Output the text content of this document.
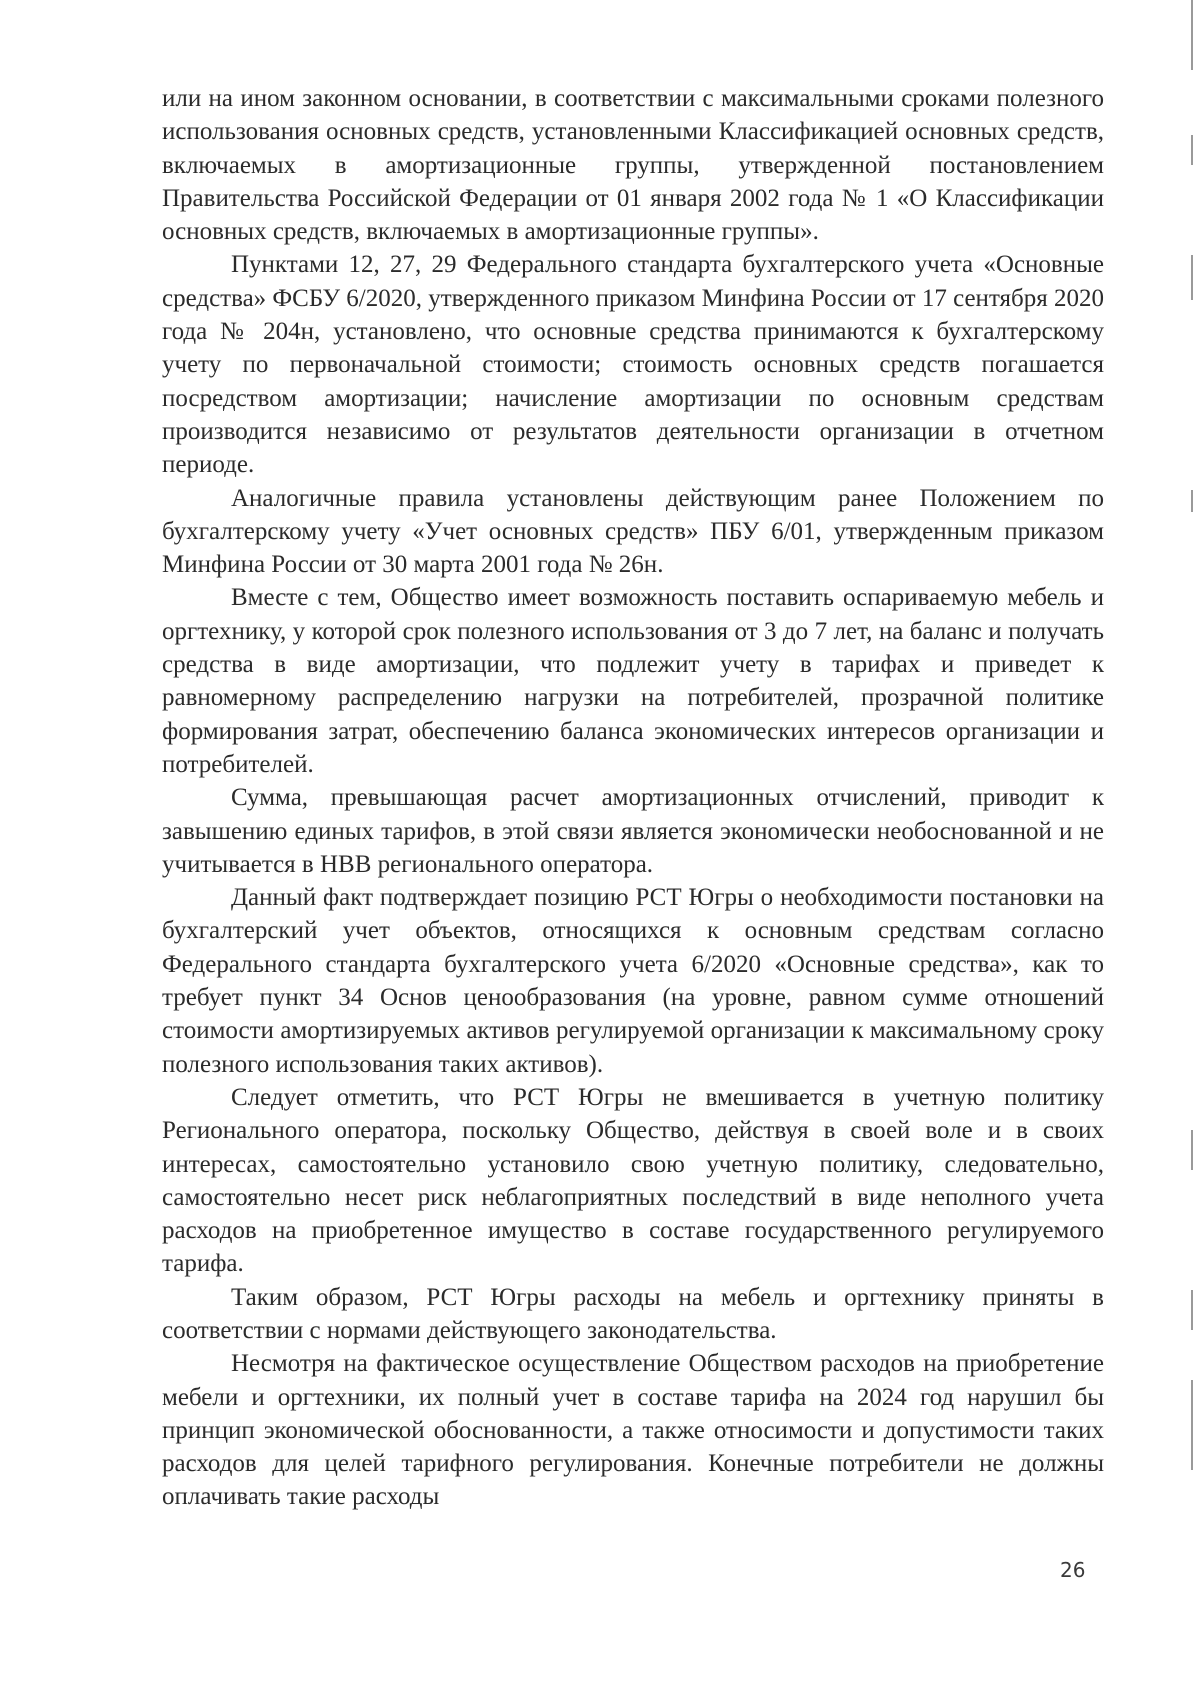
или на ином законном основании, в соответствии с максимальными сроками полезного использования основных средств, установленными Классификацией основных средств, включаемых в амортизационные группы, утвержденной постановлением Правительства Российской Федерации от 01 января 2002 года № 1 «О Классификации основных средств, включаемых в амортизационные группы».

Пунктами 12, 27, 29 Федерального стандарта бухгалтерского учета «Основные средства» ФСБУ 6/2020, утвержденного приказом Минфина России от 17 сентября 2020 года № 204н, установлено, что основные средства принимаются к бухгалтерскому учету по первоначальной стоимости; стоимость основных средств погашается посредством амортизации; начисление амортизации по основным средствам производится независимо от результатов деятельности организации в отчетном периоде.

Аналогичные правила установлены действующим ранее Положением по бухгалтерскому учету «Учет основных средств» ПБУ 6/01, утвержденным приказом Минфина России от 30 марта 2001 года № 26н.

Вместе с тем, Общество имеет возможность поставить оспариваемую мебель и оргтехнику, у которой срок полезного использования от 3 до 7 лет, на баланс и получать средства в виде амортизации, что подлежит учету в тарифах и приведет к равномерному распределению нагрузки на потребителей, прозрачной политике формирования затрат, обеспечению баланса экономических интересов организации и потребителей.

Сумма, превышающая расчет амортизационных отчислений, приводит к завышению единых тарифов, в этой связи является экономически необоснованной и не учитывается в НВВ регионального оператора.

Данный факт подтверждает позицию РСТ Югры о необходимости постановки на бухгалтерский учет объектов, относящихся к основным средствам согласно Федерального стандарта бухгалтерского учета 6/2020 «Основные средства», как то требует пункт 34 Основ ценообразования (на уровне, равном сумме отношений стоимости амортизируемых активов регулируемой организации к максимальному сроку полезного использования таких активов).

Следует отметить, что РСТ Югры не вмешивается в учетную политику Регионального оператора, поскольку Общество, действуя в своей воле и в своих интересах, самостоятельно установило свою учетную политику, следовательно, самостоятельно несет риск неблагоприятных последствий в виде неполного учета расходов на приобретенное имущество в составе государственного регулируемого тарифа.

Таким образом, РСТ Югры расходы на мебель и оргтехнику приняты в соответствии с нормами действующего законодательства.

Несмотря на фактическое осуществление Обществом расходов на приобретение мебели и оргтехники, их полный учет в составе тарифа на 2024 год нарушил бы принцип экономической обоснованности, а также относимости и допустимости таких расходов для целей тарифного регулирования. Конечные потребители не должны оплачивать такие расходы

26
